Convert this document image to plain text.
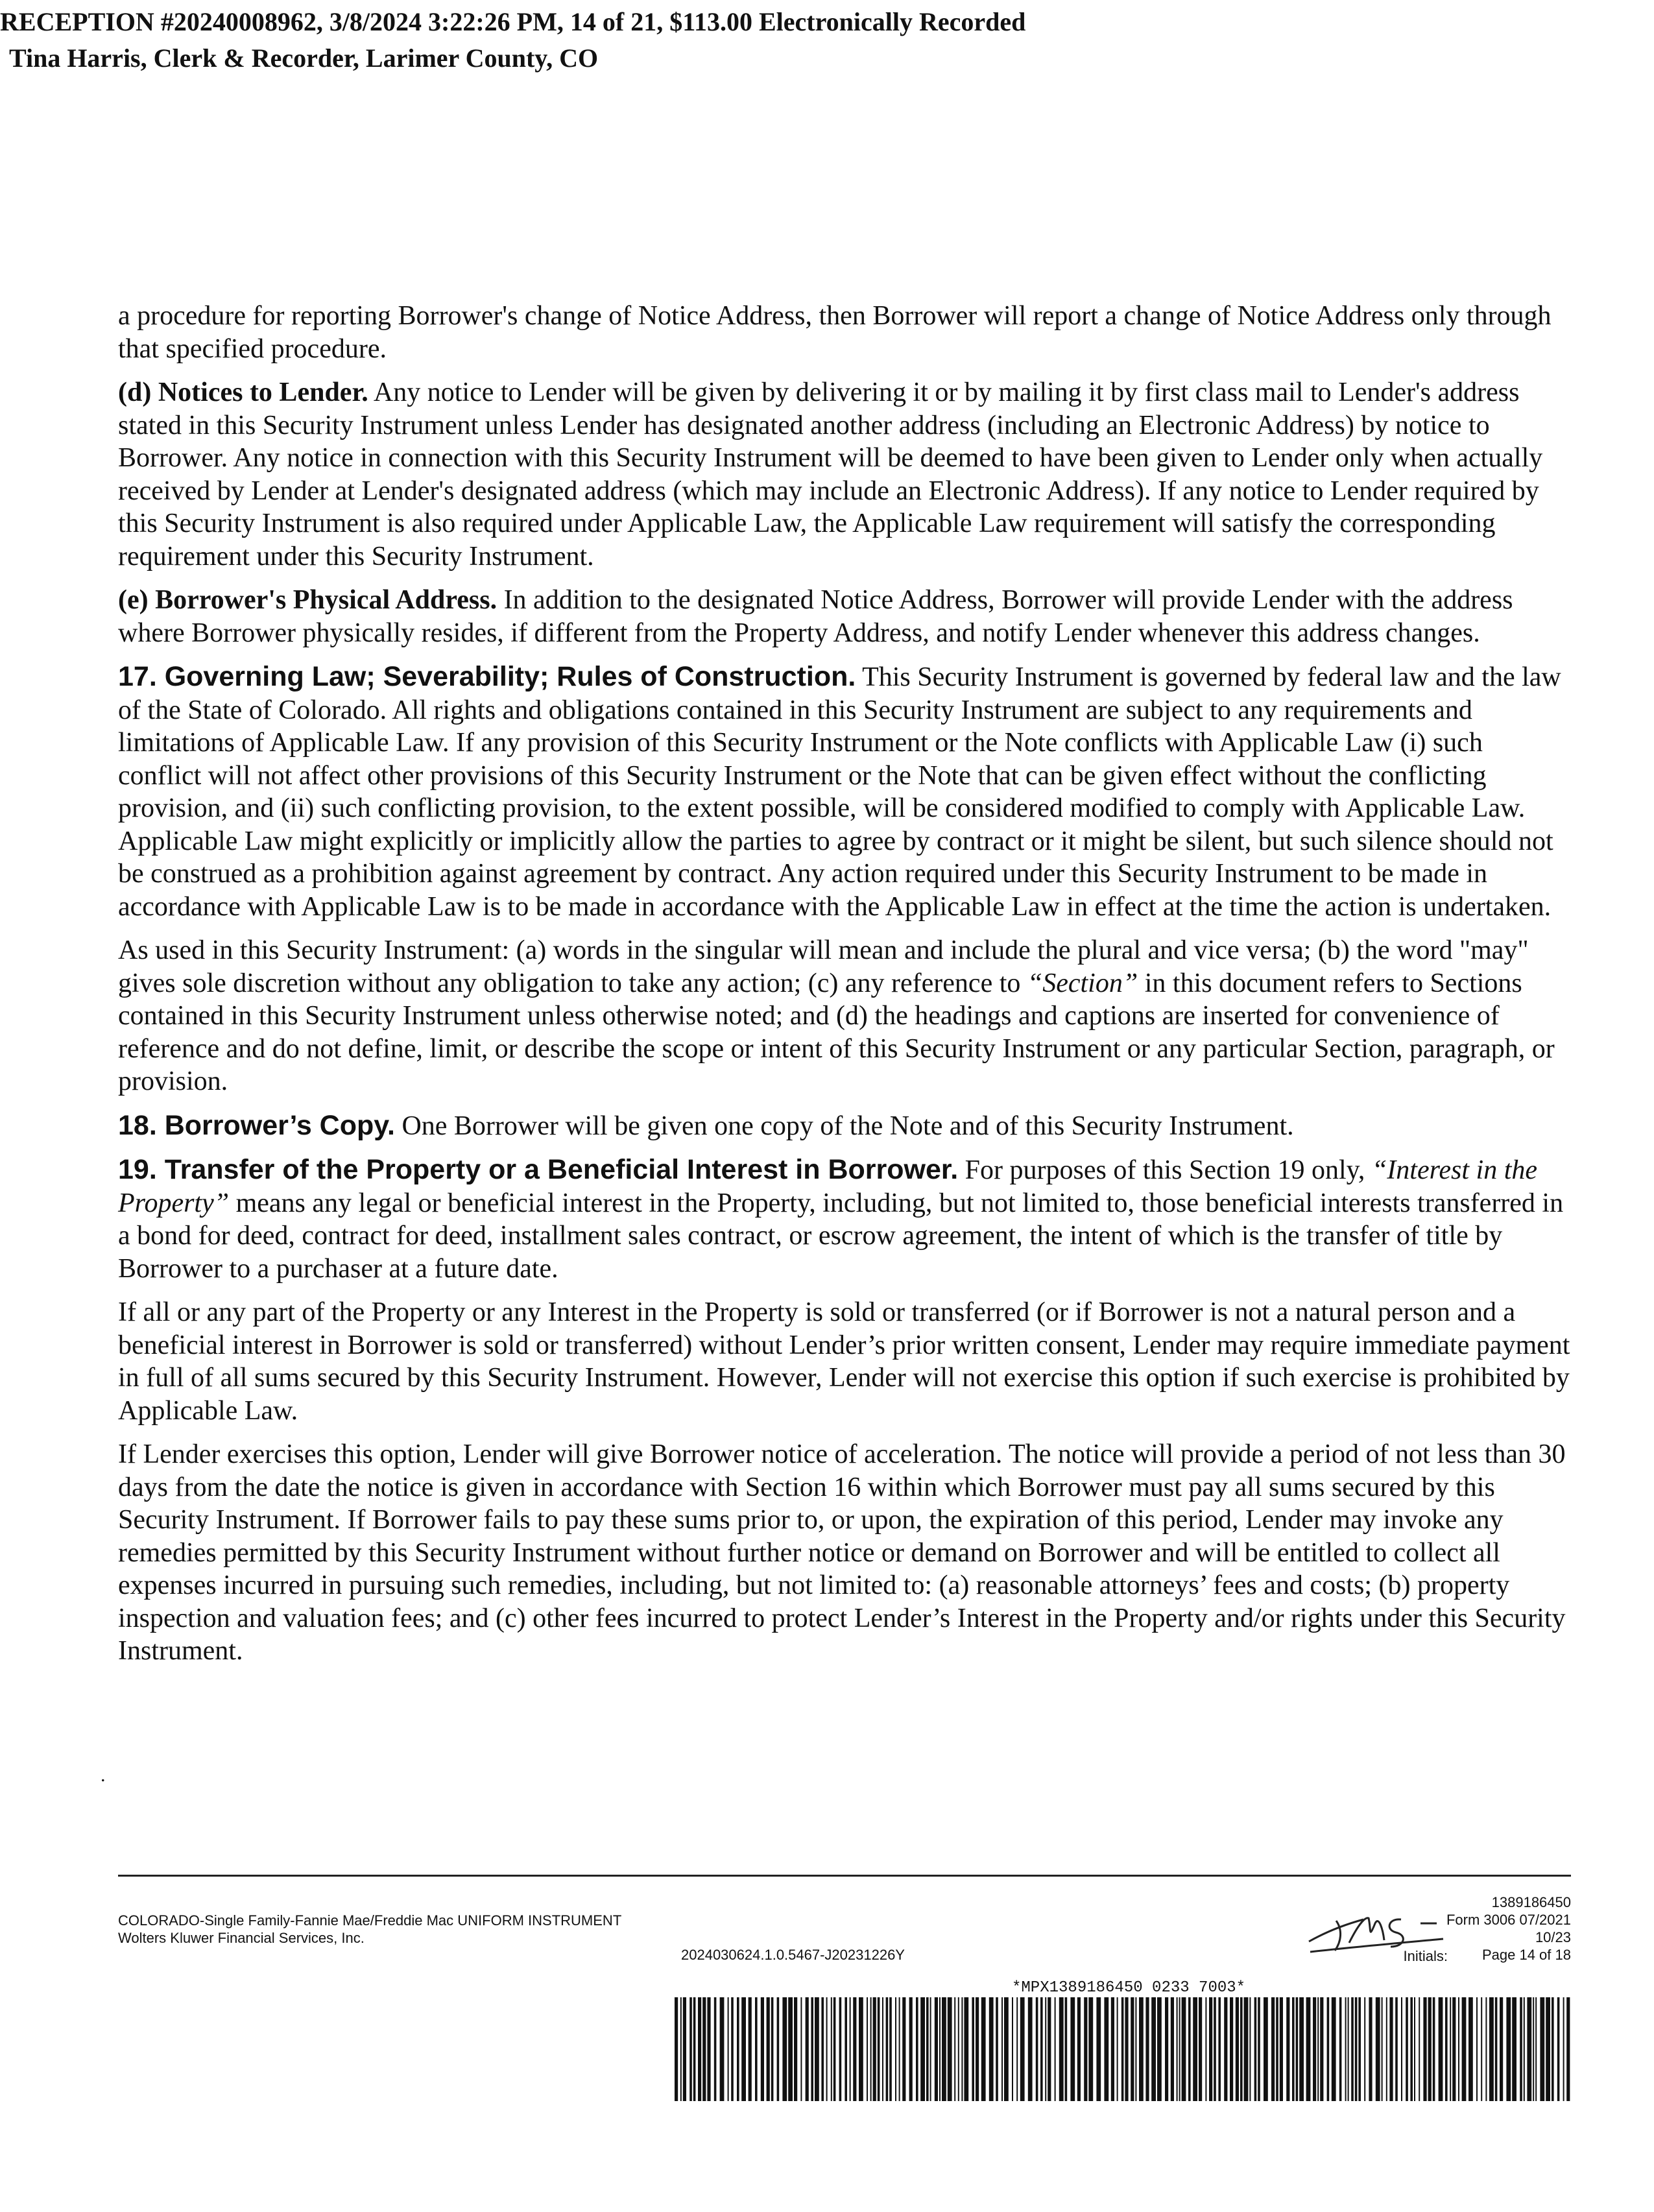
RECEPTION #20240008962, 3/8/2024 3:22:26 PM, 14 of 21, $113.00 Electronically Recorded
Tina Harris, Clerk & Recorder, Larimer County, CO

a procedure for reporting Borrower's change of Notice Address, then Borrower will report a change of Notice Address only through that specified procedure.

(d) Notices to Lender. Any notice to Lender will be given by delivering it or by mailing it by first class mail to Lender's address stated in this Security Instrument unless Lender has designated another address (including an Electronic Address) by notice to Borrower. Any notice in connection with this Security Instrument will be deemed to have been given to Lender only when actually received by Lender at Lender's designated address (which may include an Electronic Address). If any notice to Lender required by this Security Instrument is also required under Applicable Law, the Applicable Law requirement will satisfy the corresponding requirement under this Security Instrument.

(e) Borrower's Physical Address. In addition to the designated Notice Address, Borrower will provide Lender with the address where Borrower physically resides, if different from the Property Address, and notify Lender whenever this address changes.

17. Governing Law; Severability; Rules of Construction. This Security Instrument is governed by federal law and the law of the State of Colorado. All rights and obligations contained in this Security Instrument are subject to any requirements and limitations of Applicable Law. If any provision of this Security Instrument or the Note conflicts with Applicable Law (i) such conflict will not affect other provisions of this Security Instrument or the Note that can be given effect without the conflicting provision, and (ii) such conflicting provision, to the extent possible, will be considered modified to comply with Applicable Law. Applicable Law might explicitly or implicitly allow the parties to agree by contract or it might be silent, but such silence should not be construed as a prohibition against agreement by contract. Any action required under this Security Instrument to be made in accordance with Applicable Law is to be made in accordance with the Applicable Law in effect at the time the action is undertaken.

As used in this Security Instrument: (a) words in the singular will mean and include the plural and vice versa; (b) the word "may" gives sole discretion without any obligation to take any action; (c) any reference to “Section” in this document refers to Sections contained in this Security Instrument unless otherwise noted; and (d) the headings and captions are inserted for convenience of reference and do not define, limit, or describe the scope or intent of this Security Instrument or any particular Section, paragraph, or provision.

18. Borrower’s Copy. One Borrower will be given one copy of the Note and of this Security Instrument.

19. Transfer of the Property or a Beneficial Interest in Borrower. For purposes of this Section 19 only, “Interest in the Property” means any legal or beneficial interest in the Property, including, but not limited to, those beneficial interests transferred in a bond for deed, contract for deed, installment sales contract, or escrow agreement, the intent of which is the transfer of title by Borrower to a purchaser at a future date.

If all or any part of the Property or any Interest in the Property is sold or transferred (or if Borrower is not a natural person and a beneficial interest in Borrower is sold or transferred) without Lender’s prior written consent, Lender may require immediate payment in full of all sums secured by this Security Instrument. However, Lender will not exercise this option if such exercise is prohibited by Applicable Law.

If Lender exercises this option, Lender will give Borrower notice of acceleration. The notice will provide a period of not less than 30 days from the date the notice is given in accordance with Section 16 within which Borrower must pay all sums secured by this Security Instrument. If Borrower fails to pay these sums prior to, or upon, the expiration of this period, Lender may invoke any remedies permitted by this Security Instrument without further notice or demand on Borrower and will be entitled to collect all expenses incurred in pursuing such remedies, including, but not limited to: (a) reasonable attorneys’ fees and costs; (b) property inspection and valuation fees; and (c) other fees incurred to protect Lender’s Interest in the Property and/or rights under this Security Instrument.

.
COLORADO-Single Family-Fannie Mae/Freddie Mac UNIFORM INSTRUMENT
Wolters Kluwer Financial Services, Inc.
2024030624.1.0.5467-J20231226Y
1389186450
Form 3006 07/2021
10/23
Page 14 of 18
Initials:
*MPX1389186450 0233 7003*
